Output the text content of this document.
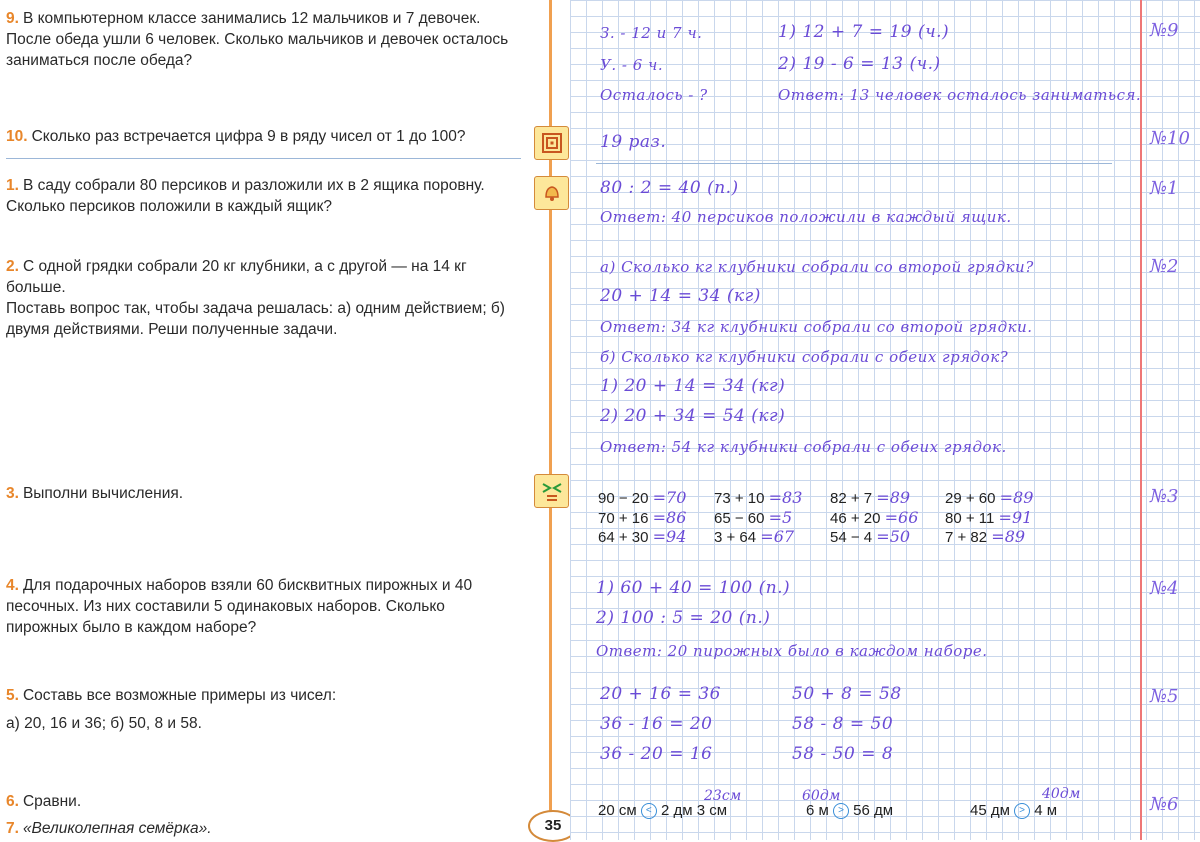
9. В компьютерном классе занимались 12 мальчиков и 7 девочек. После обеда ушли 6 человек. Сколько мальчиков и девочек осталось заниматься после обеда?
10. Сколько раз встречается цифра 9 в ряду чисел от 1 до 100?
1. В саду собрали 80 персиков и разложили их в 2 ящика поровну. Сколько персиков положили в каждый ящик?
2. С одной грядки собрали 20 кг клубники, а с другой — на 14 кг больше.
Поставь вопрос так, чтобы задача решалась: а) одним действием; б) двумя действиями. Реши полученные задачи.
3. Выполни вычисления.
4. Для подарочных наборов взяли 60 бисквитных пирожных и 40 песочных. Из них составили 5 одинаковых наборов. Сколько пирожных было в каждом наборе?
5. Составь все возможные примеры из чисел:
а) 20, 16 и 36; б) 50, 8 и 58.
6. Сравни.
7. «Великолепная семёрка».	35
№9
З. - 12 и 7 ч.
У. - 6 ч.
Осталось - ?
1) 12 + 7 = 19 (ч.)
2) 19 - 6 = 13 (ч.)
Ответ: 13 человек осталось заниматься.
№10
19 раз.
№1
80 : 2 = 40 (п.)
Ответ: 40 персиков положили в каждый ящик.
№2
а) Сколько кг клубники собрали со второй грядки?
20 + 14 = 34 (кг)
Ответ: 34 кг клубники собрали со второй грядки.
б) Сколько кг клубники собрали с обеих грядок?
1) 20 + 14 = 34 (кг)
2) 20 + 34 = 54 (кг)
Ответ: 54 кг клубники собрали с обеих грядок.
№3
90 − 20 =70 73 + 10 =83 82 + 7 =89 29 + 60 =89
70 + 16 =86 65 − 60 =5	46 + 20 =66 80 + 11 =91
64 + 30 =94 3 + 64 =67 54 − 4 =50 7 + 82 =89
№4
1) 60 + 40 = 100 (п.)
2) 100 : 5 = 20 (п.)
Ответ: 20 пирожных было в каждом наборе.
№5
20 + 16 = 36
36 - 16 = 20
36 - 20 = 16
50 + 8 = 58
58 - 8 = 50
58 - 50 = 8
№6
23см	60дм	40дм
20 см < 2 дм 3 см	6 м > 56 дм	45 дм > 4 м
